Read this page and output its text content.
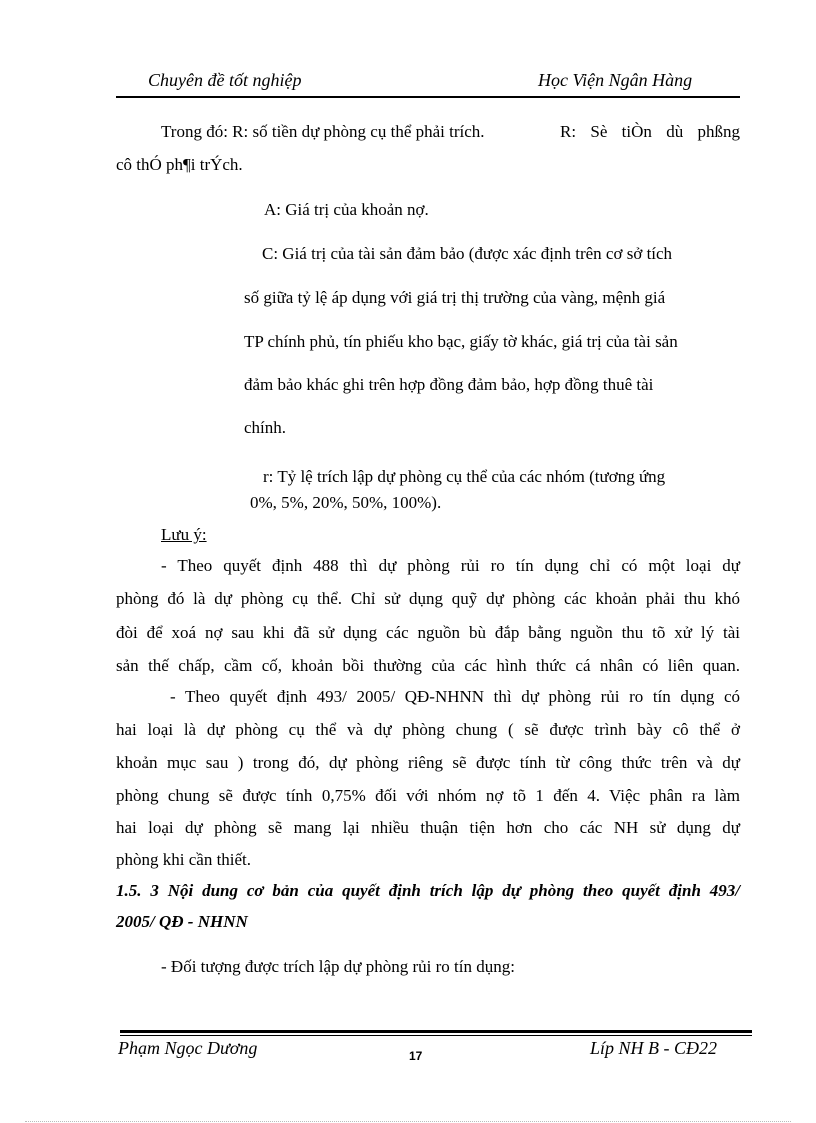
Chuyên đề tốt nghiệp	Học Viện Ngân Hàng
Trong đó: R: số tiền dự phòng cụ thể phải trích.	R: Sè tiÒn dù phßng
cô thÓ ph¶i trÝch.
A: Giá trị của khoản nợ.
C: Giá trị của tài sản đảm bảo (được xác định trên cơ sở tích
số giữa tỷ lệ áp dụng với giá trị thị trường của vàng, mệnh giá
TP chính phủ, tín phiếu kho bạc, giấy tờ khác, giá trị của tài sản
đảm bảo khác ghi trên hợp đồng đảm bảo, hợp đồng thuê tài
chính.
r: Tỷ lệ trích lập dự phòng cụ thể của các nhóm (tương ứng
0%, 5%, 20%, 50%, 100%).
Lưu ý:
- Theo quyết định 488 thì dự phòng rủi ro tín dụng chỉ có một loại dự
phòng đó là dự phòng cụ thể. Chỉ sử dụng quỹ dự phòng các khoản phải thu khó
đòi để xoá nợ sau khi đã sử dụng các nguồn bù đắp bằng nguồn thu tõ xử lý tài
sản thế chấp, cầm cố, khoản bồi thường của các hình thức cá nhân có liên quan.
- Theo quyết định 493/ 2005/ QĐ-NHNN thì dự phòng rủi ro tín dụng có
hai loại là dự phòng cụ thể và dự phòng chung ( sẽ được trình bày cô thể ở
khoản mục sau ) trong đó, dự phòng riêng sẽ được tính từ công thức trên và dự
phòng chung sẽ được tính 0,75% đối với nhóm nợ tõ 1 đến 4. Việc phân ra làm
hai loại dự phòng sẽ mang lại nhiều thuận tiện hơn cho các NH sử dụng dự
phòng khi cần thiết.
1.5. 3 Nội dung cơ bản của quyết định trích lập dự phòng theo quyết định 493/
2005/ QĐ - NHNN
- Đối tượng được trích lập dự phòng rủi ro tín dụng:
Phạm Ngọc Dương	17	Líp NH B - CĐ22
